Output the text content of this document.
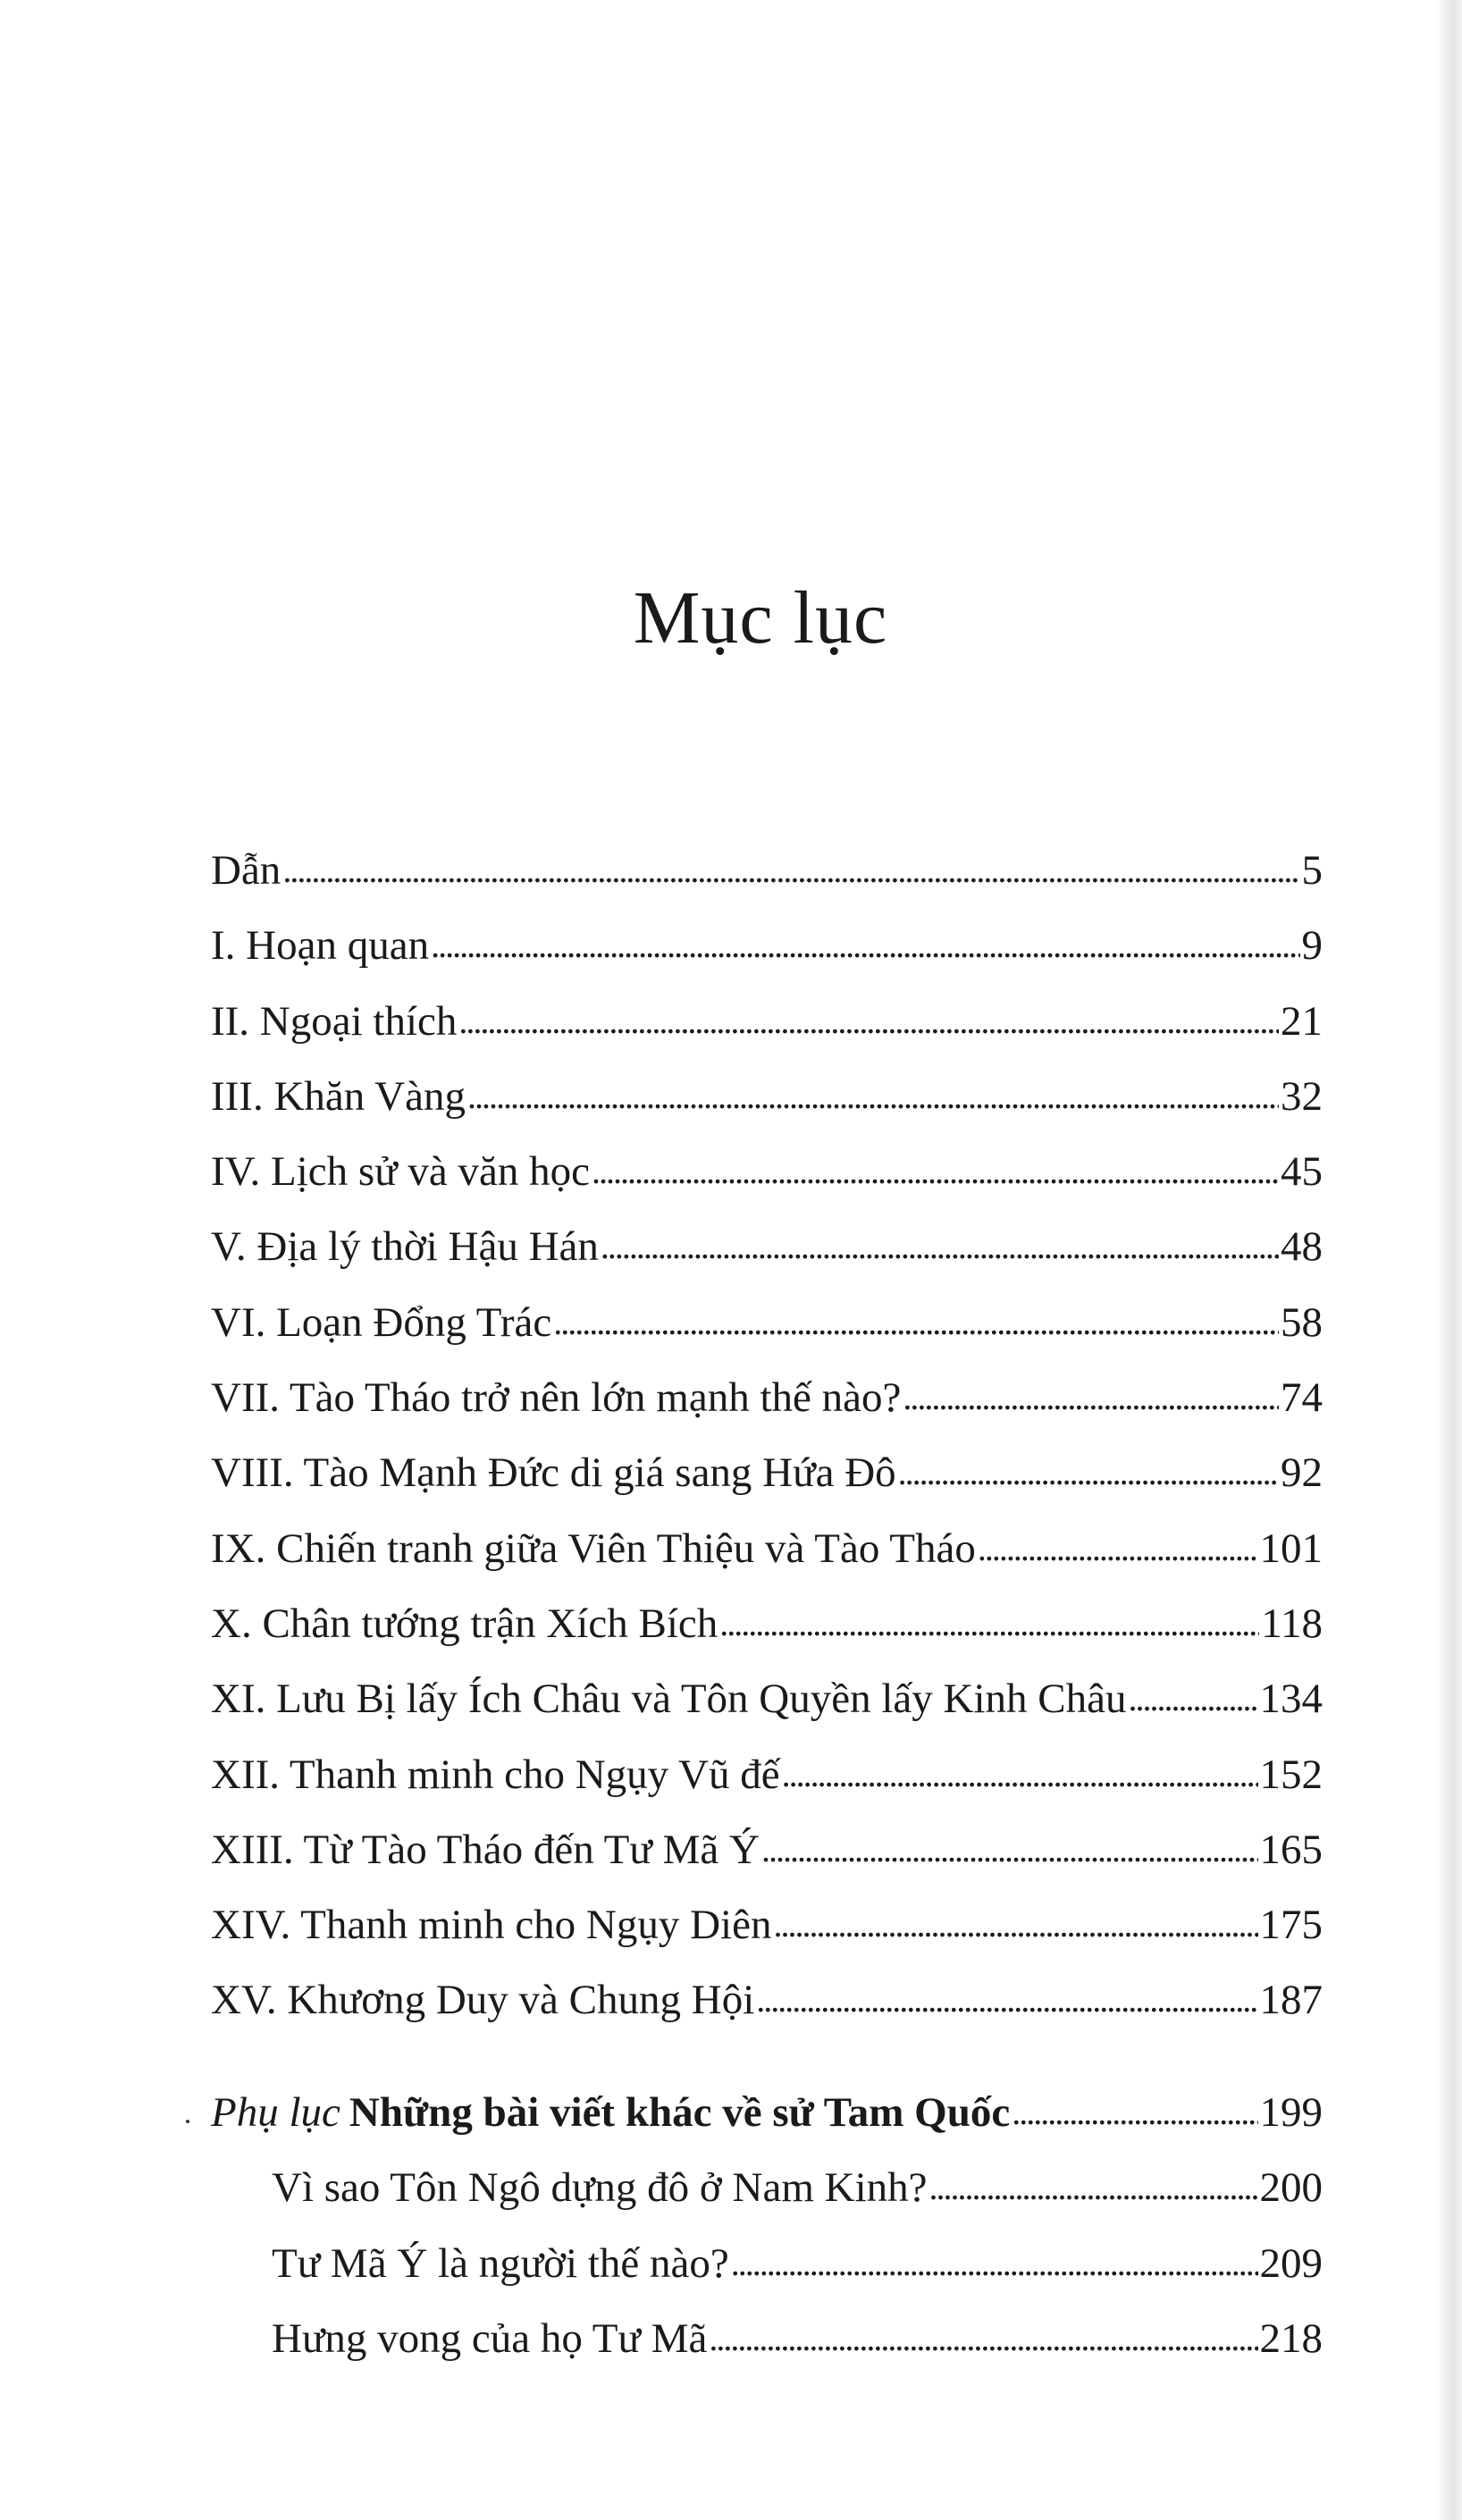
Mục lục
Dẫn . . .	5
I. Hoạn quan . . .	9
II. Ngoại thích . . .	21
III. Khăn Vàng . . .	32
IV. Lịch sử và văn học . . .	45
V. Địa lý thời Hậu Hán . . .	48
VI. Loạn Đổng Trác . . .	58
VII. Tào Tháo trở nên lớn mạnh thế nào? . . .	74
VIII. Tào Mạnh Đức di giá sang Hứa Đô . . .	92
IX. Chiến tranh giữa Viên Thiệu và Tào Tháo . . .	101
X. Chân tướng trận Xích Bích . . .	118
XI. Lưu Bị lấy Ích Châu và Tôn Quyền lấy Kinh Châu . . .	134
XII. Thanh minh cho Ngụy Vũ đế . . .	152
XIII. Từ Tào Tháo đến Tư Mã Ý . . .	165
XIV. Thanh minh cho Ngụy Diên . . .	175
XV. Khương Duy và Chung Hội . . .	187
Phụ lục Những bài viết khác về sử Tam Quốc . . .	199
Vì sao Tôn Ngô dựng đô ở Nam Kinh? . . .	200
Tư Mã Ý là người thế nào? . . .	209
Hưng vong của họ Tư Mã . . .	218
